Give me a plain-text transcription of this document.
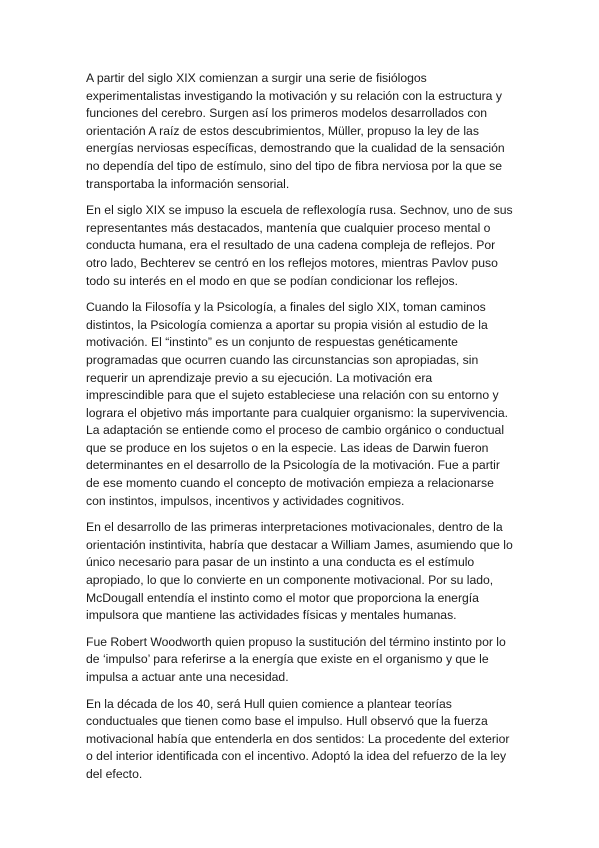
A partir del siglo XIX comienzan a surgir una serie de fisiólogos experimentalistas investigando la motivación y su relación con la estructura y funciones del cerebro. Surgen así los primeros modelos desarrollados con orientación A raíz de estos descubrimientos, Müller, propuso la ley de las energías nerviosas específicas, demostrando que la cualidad de la sensación no dependía del tipo de estímulo, sino del tipo de fibra nerviosa por la que se transportaba la información sensorial.

En el siglo XIX se impuso la escuela de reflexología rusa. Sechnov, uno de sus representantes más destacados, mantenía que cualquier proceso mental o conducta humana, era el resultado de una cadena compleja de reflejos. Por otro lado, Bechterev se centró en los reflejos motores, mientras Pavlov puso todo su interés en el modo en que se podían condicionar los reflejos.

Cuando la Filosofía y la Psicología, a finales del siglo XIX, toman caminos distintos, la Psicología comienza a aportar su propia visión al estudio de la motivación. El “instinto” es un conjunto de respuestas genéticamente programadas que ocurren cuando las circunstancias son apropiadas, sin requerir un aprendizaje previo a su ejecución. La motivación era imprescindible para que el sujeto estableciese una relación con su entorno y lograra el objetivo más importante para cualquier organismo: la supervivencia. La adaptación se entiende como el proceso de cambio orgánico o conductual que se produce en los sujetos o en la especie. Las ideas de Darwin fueron determinantes en el desarrollo de la Psicología de la motivación. Fue a partir de ese momento cuando el concepto de motivación empieza a relacionarse con instintos, impulsos, incentivos y actividades cognitivos.

En el desarrollo de las primeras interpretaciones motivacionales, dentro de la orientación instintivita, habría que destacar a William James, asumiendo que lo único necesario para pasar de un instinto a una conducta es el estímulo apropiado, lo que lo convierte en un componente motivacional. Por su lado, McDougall entendía el instinto como el motor que proporciona la energía impulsora que mantiene las actividades físicas y mentales humanas.

Fue Robert Woodworth quien propuso la sustitución del término instinto por lo de ‘impulso’ para referirse a la energía que existe en el organismo y que le impulsa a actuar ante una necesidad.

En la década de los 40, será Hull quien comience a plantear teorías conductuales que tienen como base el impulso. Hull observó que la fuerza motivacional había que entenderla en dos sentidos: La procedente del exterior o del interior identificada con el incentivo. Adoptó la idea del refuerzo de la ley del efecto.
